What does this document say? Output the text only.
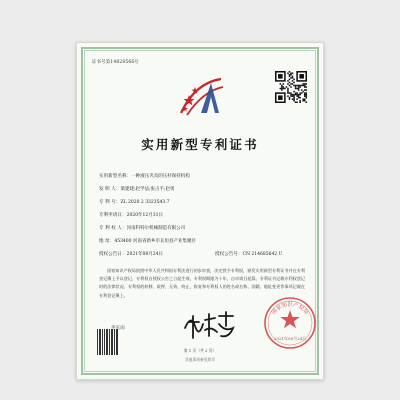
证书号第14828566号
实用新型专利证书
实用新型名称：一种液压夹具的压杆保持机构
发 明 人：梁建建;赵学法;张占平;赵勇
专 利 号：ZL 2020 2 3323543.7
专利申请日：2020年12月31日
专 利 权 人：河南科特尔机械制造有限公司
地 址：453400 河南省新乡市长垣县产业集聚区
授权公告日：2021年08月24日	授权公告号：CN 214685642 U
国家知识产权局依照中华人民共和国专利法进行初步审查，决定授予专利权，颁发实用新型专利证书并在专利登记簿上予以登记。专利权自授权公告之日起生效。专利权期限为十年，自申请日起算。专利证书记载专利权登记时的法律状况。专利权的转移、质押、无效、终止、恢复和专利权人的姓名或名称、国籍、地址变更等事项记载在专利登记簿上。
申长雨
国家知识产权局
2021年08月24日
第 1 页（共 2 页）
其他事项参见续页
